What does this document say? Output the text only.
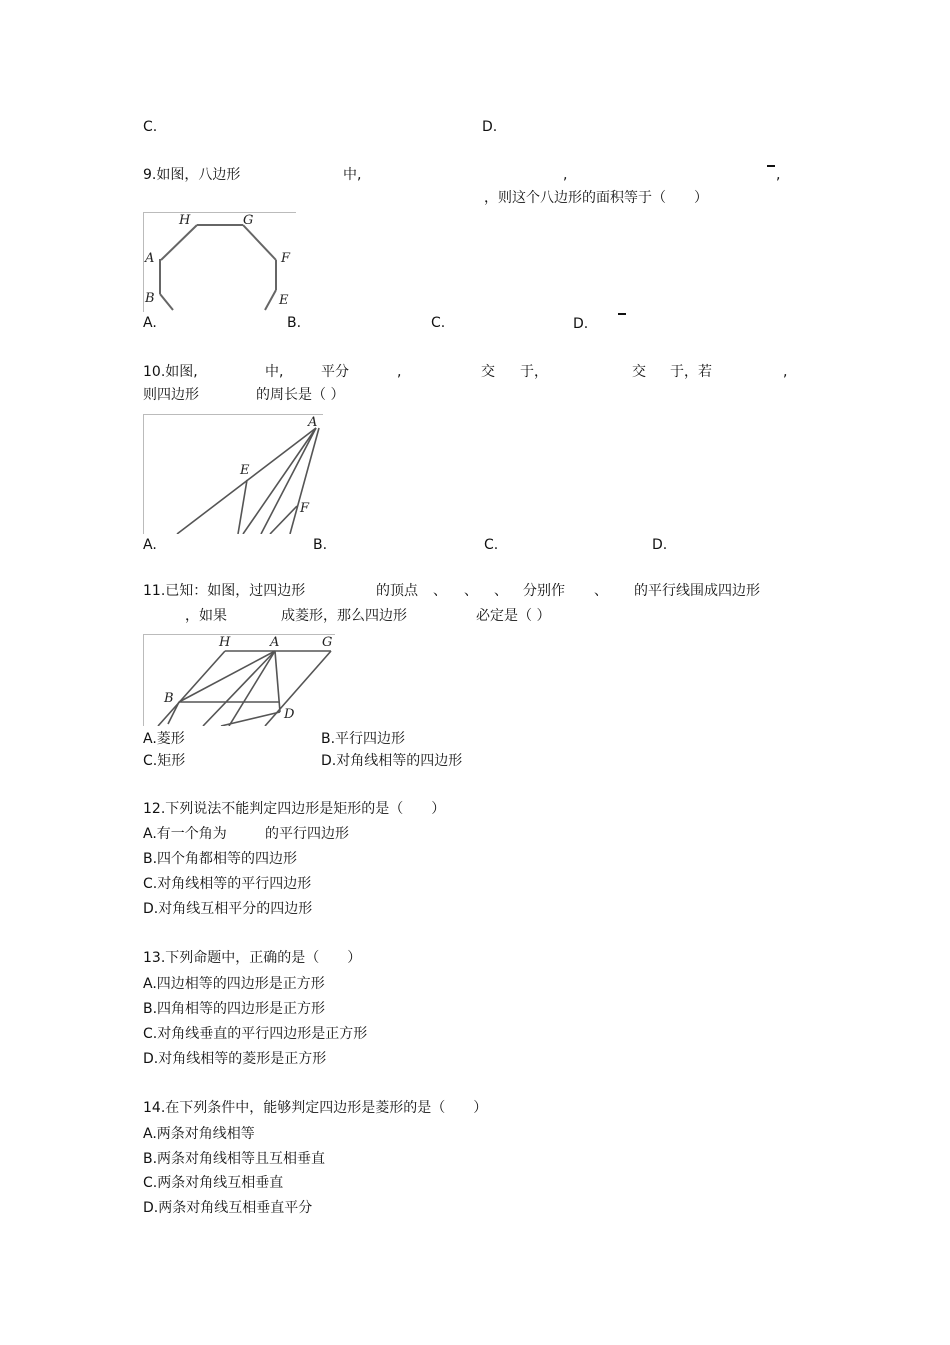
C.	D.
9.如图，八边形	中,	,	,
，则这个八边形的面积等于（　　）
H	G
A	F
B	E
A.	B.	C.	D.
10.如图,	中,	平分	,	交 于，	交 于，若	,
则四边形	的周长是（ ）
A
E
F
A.	B.	C.	D.
11.已知：如图，过四边形	的顶点 、 、 、 分别作 、 的平行线围成四边形
，如果	成菱形，那么四边形	必定是（ ）
H	A	G
B
D
A.菱形	B.平行四边形
C.矩形	D.对角线相等的四边形
12.下列说法不能判定四边形是矩形的是（　　）
A.有一个角为	的平行四边形
B.四个角都相等的四边形
C.对角线相等的平行四边形
D.对角线互相平分的四边形
13.下列命题中，正确的是（　　）
A.四边相等的四边形是正方形
B.四角相等的四边形是正方形
C.对角线垂直的平行四边形是正方形
D.对角线相等的菱形是正方形
14.在下列条件中，能够判定四边形是菱形的是（　　）
A.两条对角线相等
B.两条对角线相等且互相垂直
C.两条对角线互相垂直
D.两条对角线互相垂直平分
